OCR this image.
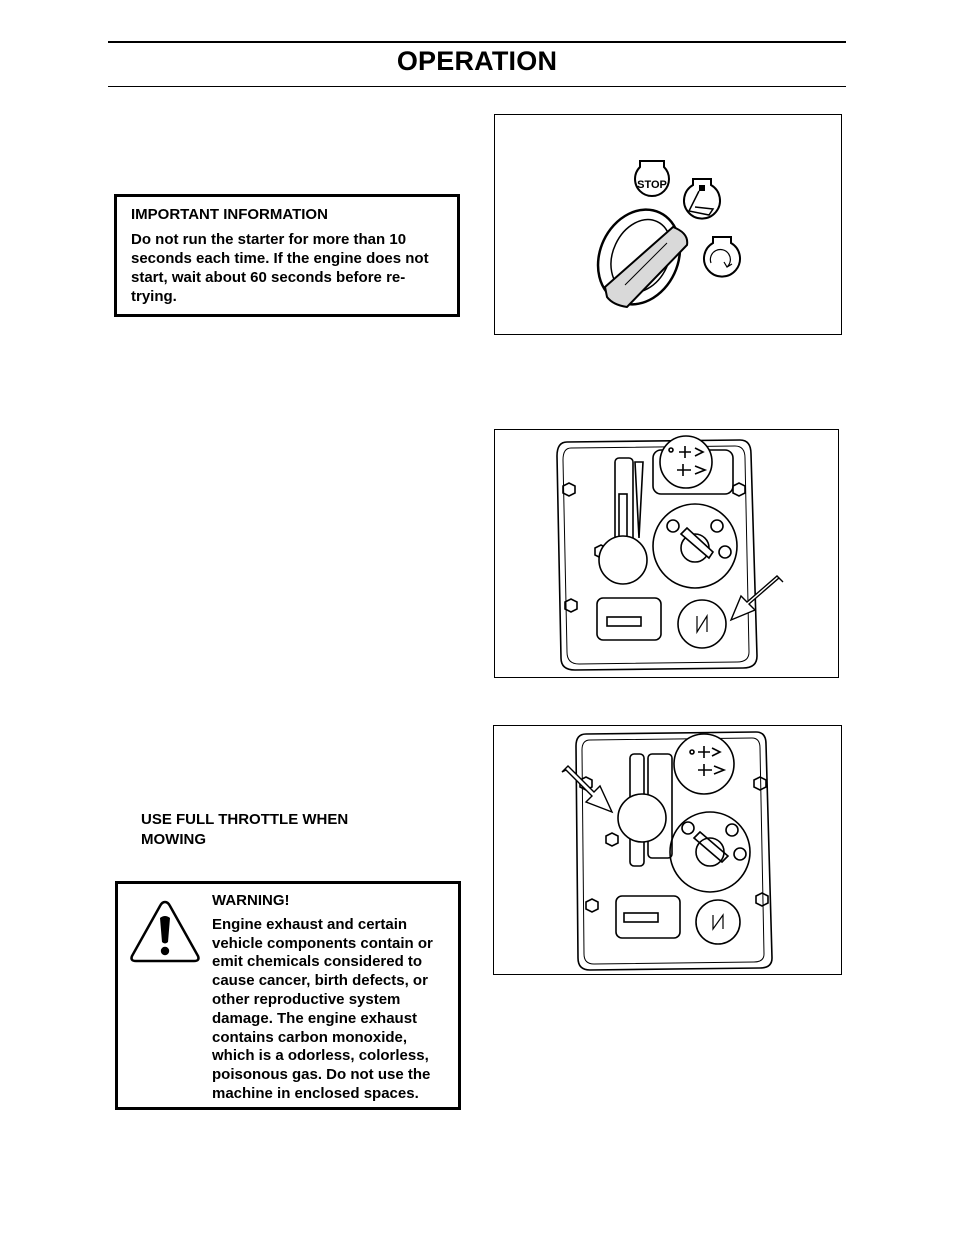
OPERATION
IMPORTANT INFORMATION
Do not run the starter for more than 10 seconds each time. If the engine does not start, wait about 60 seconds before re-trying.
STOP
USE FULL THROTTLE WHEN MOWING
WARNING!
Engine exhaust and certain vehicle components contain or emit chemicals considered to cause cancer, birth defects, or other reproductive system damage. The engine exhaust contains carbon monoxide, which is a odorless, colorless, poisonous gas. Do not use the machine in enclosed spaces.
